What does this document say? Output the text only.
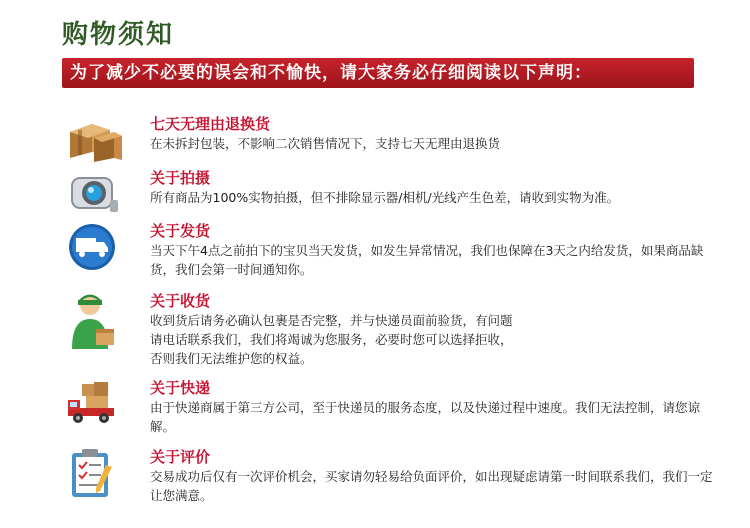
购物须知
为了减少不必要的误会和不愉快，请大家务必仔细阅读以下声明：
七天无理由退换货
在未拆封包装，不影响二次销售情况下，支持七天无理由退换货
关于拍摄
所有商品为100%实物拍摄，但不排除显示器/相机/光线产生色差，请收到实物为准。
关于发货
当天下午4点之前拍下的宝贝当天发货，如发生异常情况，我们也保障在3天之内给发货，如果商品缺货，我们会第一时间通知你。
关于收货
收到货后请务必确认包裹是否完整，并与快递员面前验货，有问题
请电话联系我们，我们将竭诚为您服务，必要时您可以选择拒收，
否则我们无法维护您的权益。
关于快递
由于快递商属于第三方公司，至于快递员的服务态度，以及快递过程中速度。我们无法控制，请您谅解。
关于评价
交易成功后仅有一次评价机会，买家请勿轻易给负面评价，如出现疑虑请第一时间联系我们，我们一定让您满意。
